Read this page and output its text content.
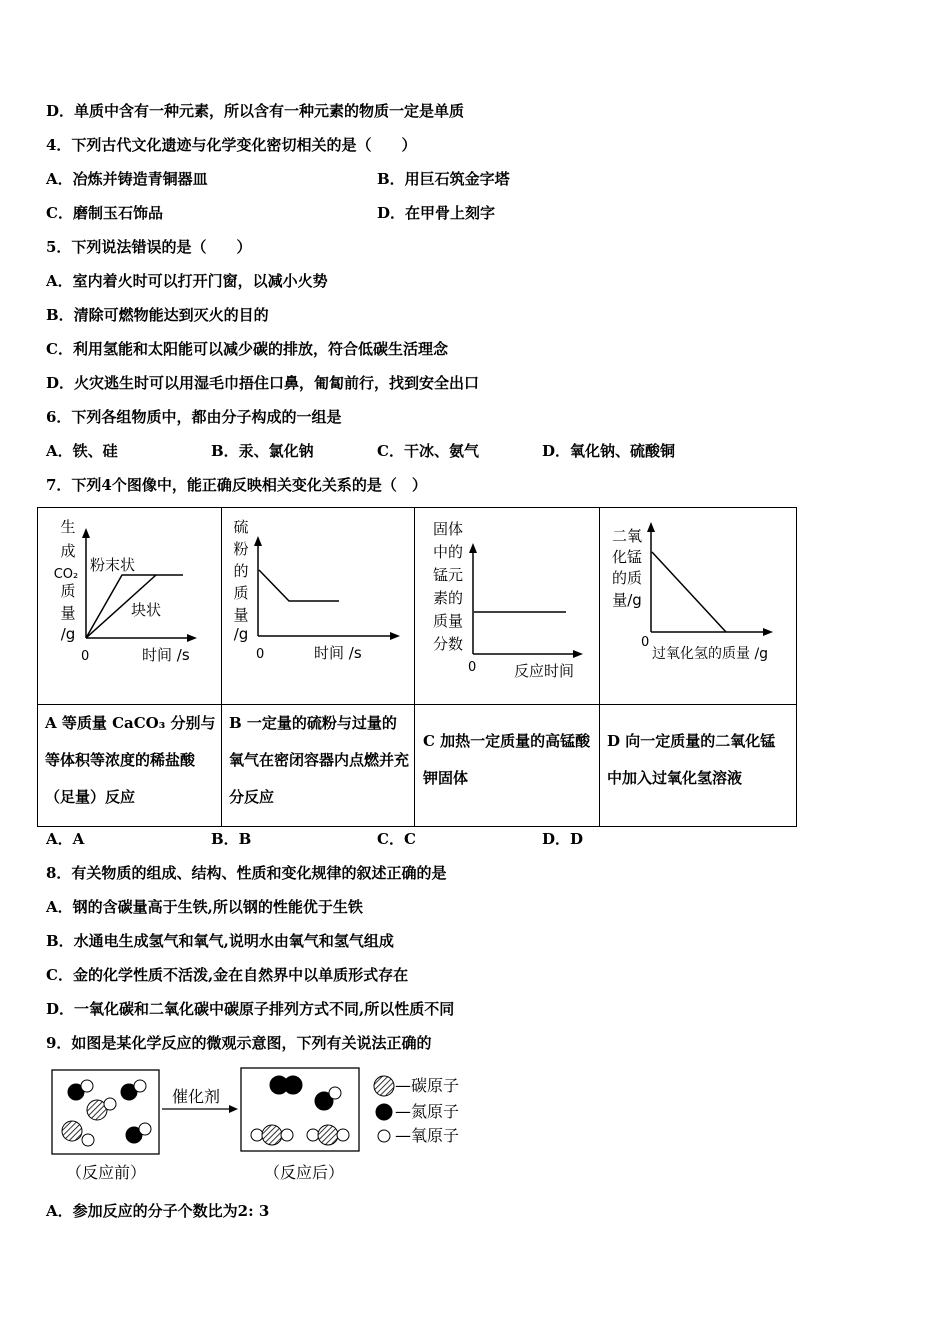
D．单质中含有一种元素，所以含有一种元素的物质一定是单质
4．下列古代文化遗迹与化学变化密切相关的是（　　）
A．冶炼并铸造青铜器皿	B．用巨石筑金字塔
C．磨制玉石饰品	D．在甲骨上刻字
5．下列说法错误的是（　　）
A．室内着火时可以打开门窗，以减小火势
B．清除可燃物能达到灭火的目的
C．利用氢能和太阳能可以减少碳的排放，符合低碳生活理念
D．火灾逃生时可以用湿毛巾捂住口鼻，匍匐前行，找到安全出口
6．下列各组物质中，都由分子构成的一组是
A．铁、硅	B．汞、氯化钠	C．干冰、氨气	D．氧化钠、硫酸铜
7．下列4个图像中，能正确反映相关变化关系的是（　）
生
成
CO₂
质
量
/g
粉末状
块状
0	时间 /s
硫
粉
的
质
量
/g
0	时间 /s
固体
中的
锰元
素的
质量
分数
0	反应时间
二氧
化锰
的质
量/g
0
过氧化氢的质量 /g
A 等质量 CaCO₃ 分别与等体积等浓度的稀盐酸（足量）反应
B 一定量的硫粉与过量的氧气在密闭容器内点燃并充分反应
C 加热一定质量的高锰酸钾固体
D 向一定质量的二氧化锰中加入过氧化氢溶液
A．A	B．B	C．C	D．D
8．有关物质的组成、结构、性质和变化规律的叙述正确的是
A．钢的含碳量高于生铁,所以钢的性能优于生铁
B．水通电生成氢气和氧气,说明水由氧气和氢气组成
C．金的化学性质不活泼,金在自然界中以单质形式存在
D．一氧化碳和二氧化碳中碳原子排列方式不同,所以性质不同
9．如图是某化学反应的微观示意图，下列有关说法正确的
催化剂
（反应前）	（反应后）
—碳原子
—氮原子
—氧原子
A．参加反应的分子个数比为2: 3
